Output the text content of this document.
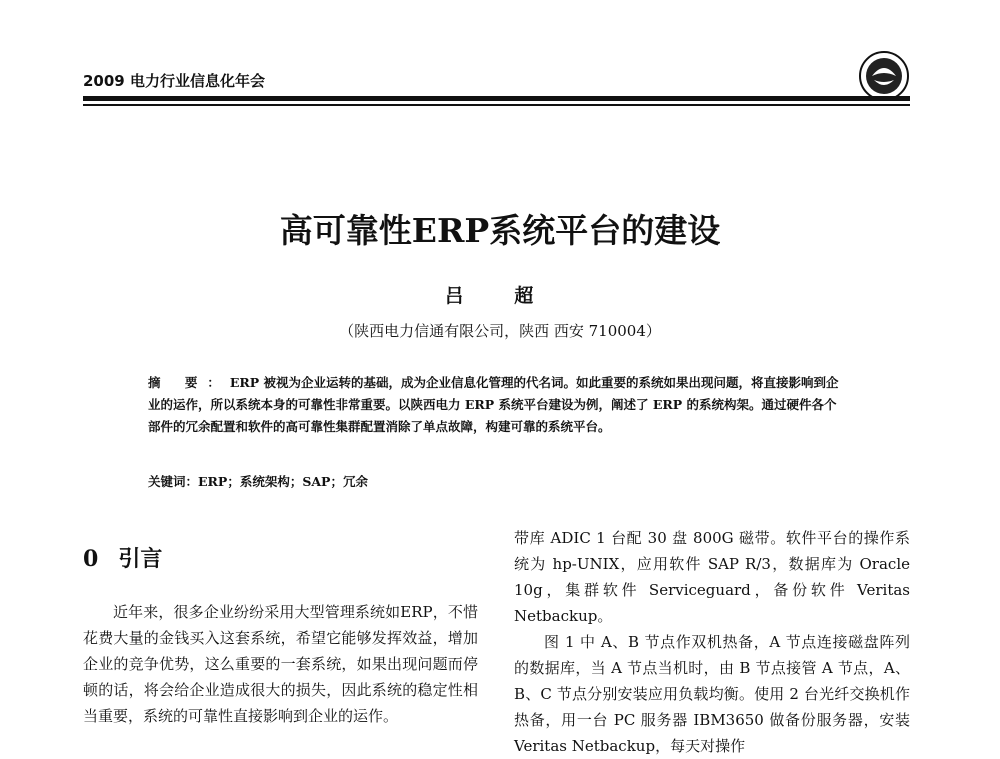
2009 电力行业信息化年会
高可靠性ERP系统平台的建设
吕 超
（陕西电力信通有限公司，陕西 西安 710004）
摘 要：ERP 被视为企业运转的基础，成为企业信息化管理的代名词。如此重要的系统如果出现问题，将直接影响到企业的运作，所以系统本身的可靠性非常重要。以陕西电力 ERP 系统平台建设为例，阐述了 ERP 的系统构架。通过硬件各个部件的冗余配置和软件的高可靠性集群配置消除了单点故障，构建可靠的系统平台。
关键词：ERP；系统架构；SAP；冗余
0 引言

近年来，很多企业纷纷采用大型管理系统如ERP，不惜花费大量的金钱买入这套系统，希望它能够发挥效益，增加企业的竞争优势，这么重要的一套系统，如果出现问题而停顿的话，将会给企业造成很大的损失，因此系统的稳定性相当重要，系统的可靠性直接影响到企业的运作。

带库 ADIC 1 台配 30 盘 800G 磁带。软件平台的操作系统为 hp-UNIX，应用软件 SAP R/3，数据库为 Oracle 10g，集群软件 Serviceguard，备份软件 Veritas Netbackup。

图 1 中 A、B 节点作双机热备，A 节点连接磁盘阵列的数据库，当 A 节点当机时，由 B 节点接管 A 节点，A、B、C 节点分别安装应用负载均衡。使用 2 台光纤交换机作热备，用一台 PC 服务器 IBM3650 做备份服务器，安装 Veritas Netbackup，每天对操作
